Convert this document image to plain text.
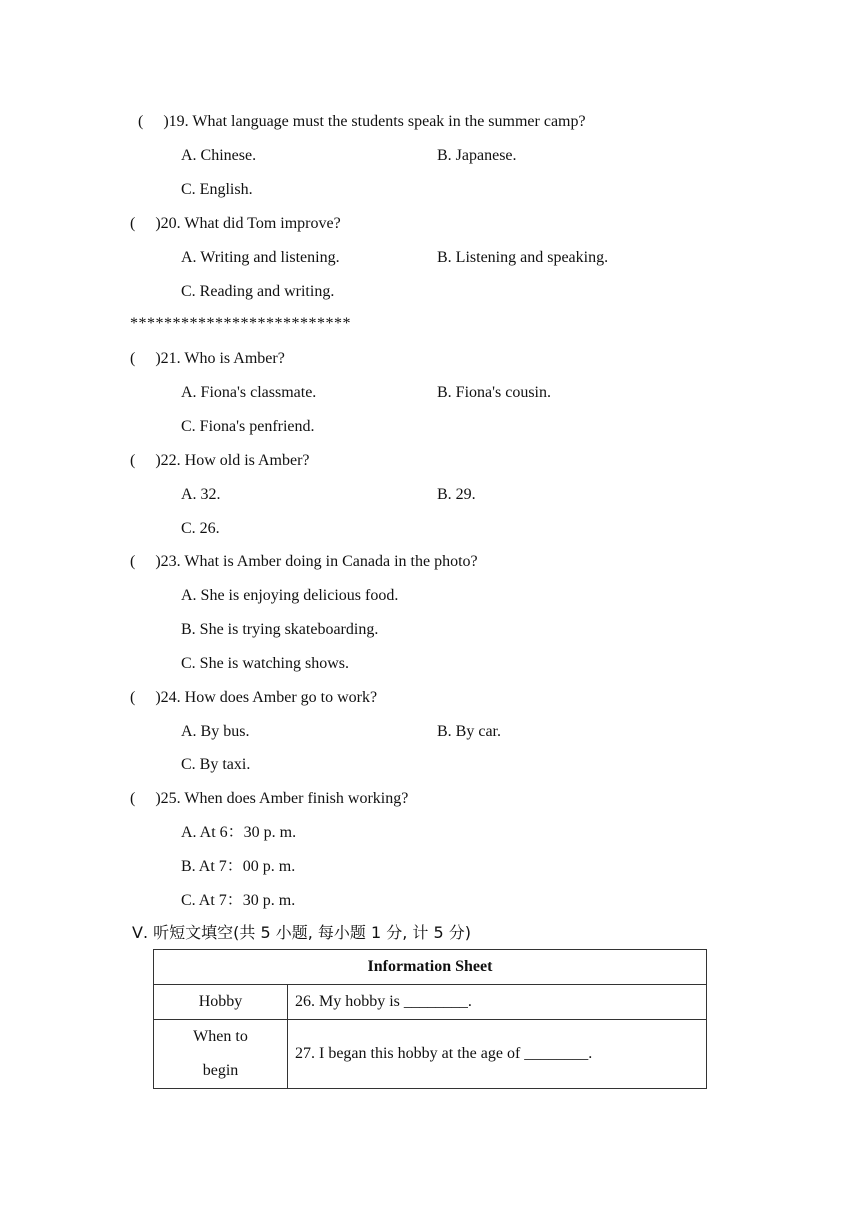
(     )19. What language must the students speak in the summer camp?
A. Chinese.	B. Japanese.
C. English.
(     )20. What did Tom improve?
A. Writing and listening.	B. Listening and speaking.
C. Reading and writing.
**************************
(     )21. Who is Amber?
A. Fiona's classmate.	B. Fiona's cousin.
C. Fiona's penfriend.
(     )22. How old is Amber?
A. 32.	B. 29.
C. 26.
(     )23. What is Amber doing in Canada in the photo?
A. She is enjoying delicious food.
B. She is trying skateboarding.
C. She is watching shows.
(     )24. How does Amber go to work?
A. By bus.	B. By car.
C. By taxi.
(     )25. When does Amber finish working?
A. At 6：30 p. m.
B. At 7：00 p. m.
C. At 7：30 p. m.
Ⅴ. 听短文填空(共 5 小题, 每小题 1 分, 计 5 分)
Information Sheet	
Hobby	26. My hobby is ________.

When to
begin	27. I began this hobby at the age of ________.
